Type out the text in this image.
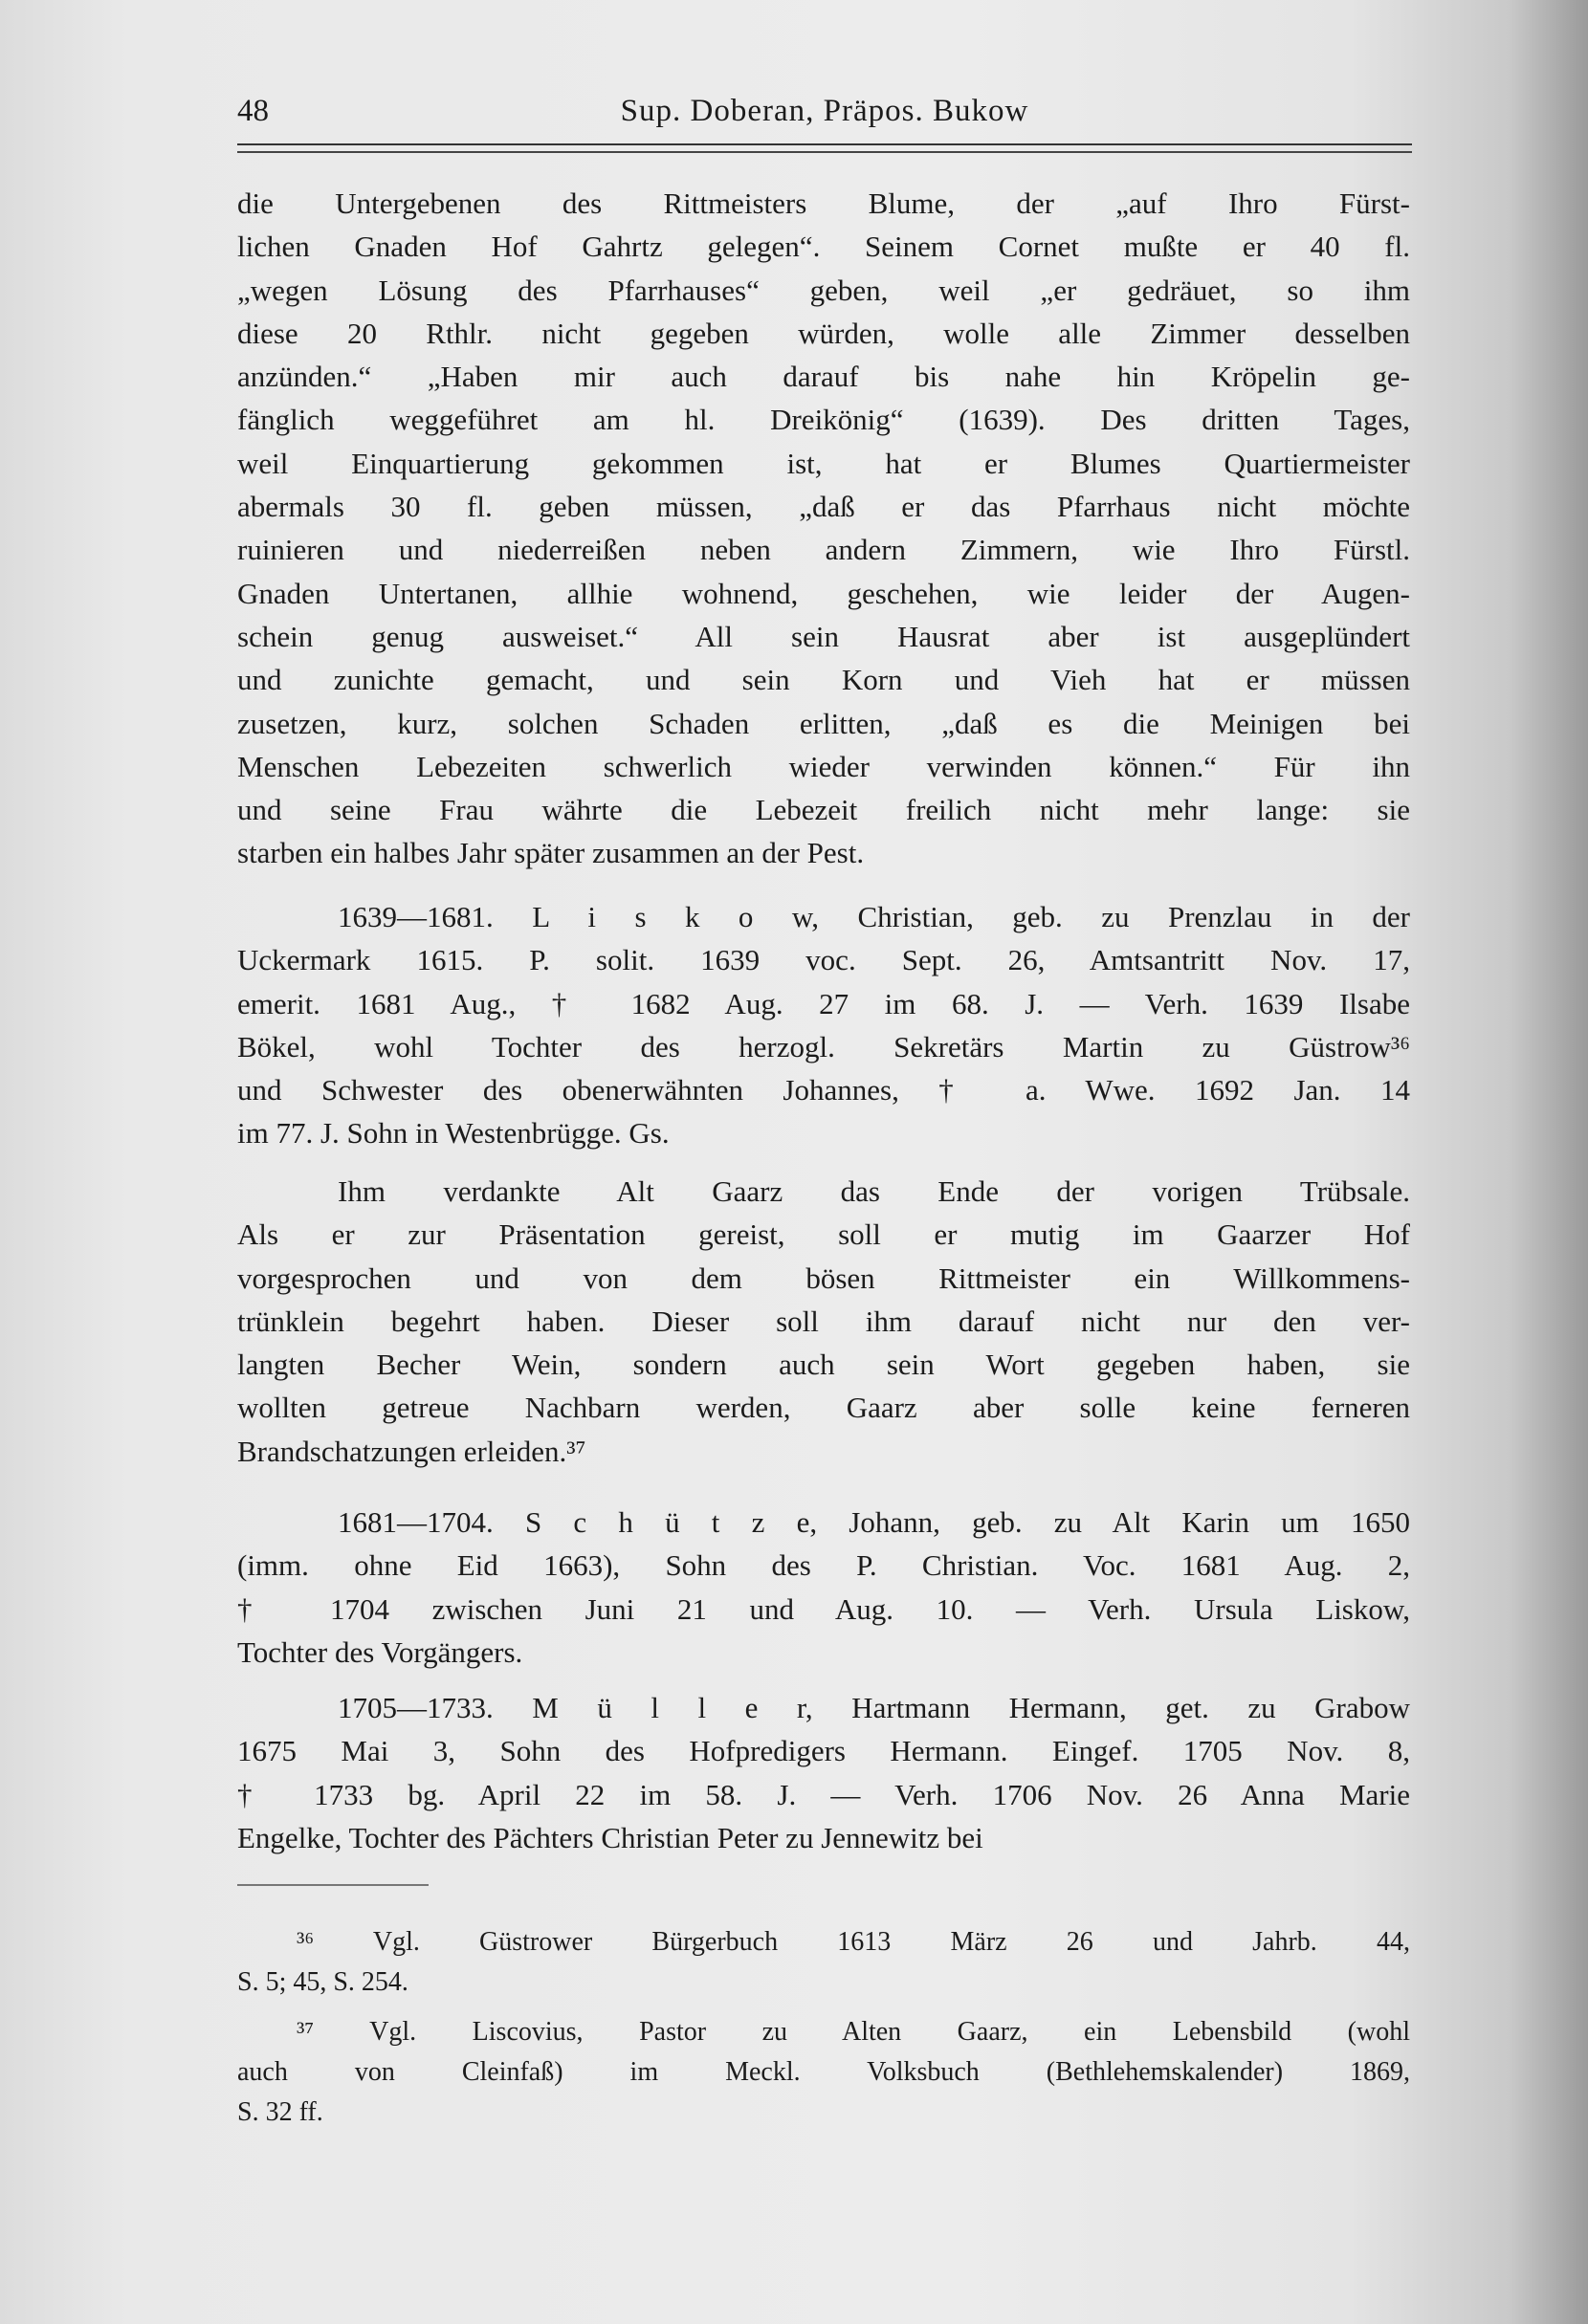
48	Sup. Doberan, Präpos. Bukow
die Untergebenen des Rittmeisters Blume, der „auf Ihro Fürst-
lichen Gnaden Hof Gahrtz gelegen“. Seinem Cornet mußte er 40 fl.
„wegen Lösung des Pfarrhauses“ geben, weil „er gedräuet, so ihm
diese 20 Rthlr. nicht gegeben würden, wolle alle Zimmer desselben
anzünden.“ „Haben mir auch darauf bis nahe hin Kröpelin ge-
fänglich weggeführet am hl. Dreikönig“ (1639). Des dritten Tages,
weil Einquartierung gekommen ist, hat er Blumes Quartiermeister
abermals 30 fl. geben müssen, „daß er das Pfarrhaus nicht möchte
ruinieren und niederreißen neben andern Zimmern, wie Ihro Fürstl.
Gnaden Untertanen, allhie wohnend, geschehen, wie leider der Augen-
schein genug ausweiset.“ All sein Hausrat aber ist ausgeplündert
und zunichte gemacht, und sein Korn und Vieh hat er müssen
zusetzen, kurz, solchen Schaden erlitten, „daß es die Meinigen bei
Menschen Lebezeiten schwerlich wieder verwinden können.“ Für ihn
und seine Frau währte die Lebezeit freilich nicht mehr lange: sie
starben ein halbes Jahr später zusammen an der Pest.
1639—1681. L i s k o w, Christian, geb. zu Prenzlau in der
Uckermark 1615. P. solit. 1639 voc. Sept. 26, Amtsantritt Nov. 17,
emerit. 1681 Aug., † 1682 Aug. 27 im 68. J. — Verh. 1639 Ilsabe
Bökel, wohl Tochter des herzogl. Sekretärs Martin zu Güstrow³⁶
und Schwester des obenerwähnten Johannes, † a. Wwe. 1692 Jan. 14
im 77. J. Sohn in Westenbrügge. Gs.
Ihm verdankte Alt Gaarz das Ende der vorigen Trübsale.
Als er zur Präsentation gereist, soll er mutig im Gaarzer Hof
vorgesprochen und von dem bösen Rittmeister ein Willkommens-
trünklein begehrt haben. Dieser soll ihm darauf nicht nur den ver-
langten Becher Wein, sondern auch sein Wort gegeben haben, sie
wollten getreue Nachbarn werden, Gaarz aber solle keine ferneren
Brandschatzungen erleiden.³⁷
1681—1704. S c h ü t z e, Johann, geb. zu Alt Karin um 1650
(imm. ohne Eid 1663), Sohn des P. Christian. Voc. 1681 Aug. 2,
† 1704 zwischen Juni 21 und Aug. 10. — Verh. Ursula Liskow,
Tochter des Vorgängers.
1705—1733. M ü l l e r, Hartmann Hermann, get. zu Grabow
1675 Mai 3, Sohn des Hofpredigers Hermann. Eingef. 1705 Nov. 8,
† 1733 bg. April 22 im 58. J. — Verh. 1706 Nov. 26 Anna Marie
Engelke, Tochter des Pächters Christian Peter zu Jennewitz bei
³⁶ Vgl. Güstrower Bürgerbuch 1613 März 26 und Jahrb. 44,
S. 5; 45, S. 254.
³⁷ Vgl. Liscovius, Pastor zu Alten Gaarz, ein Lebensbild (wohl
auch von Cleinfaß) im Meckl. Volksbuch (Bethlehemskalender) 1869,
S. 32 ff.
